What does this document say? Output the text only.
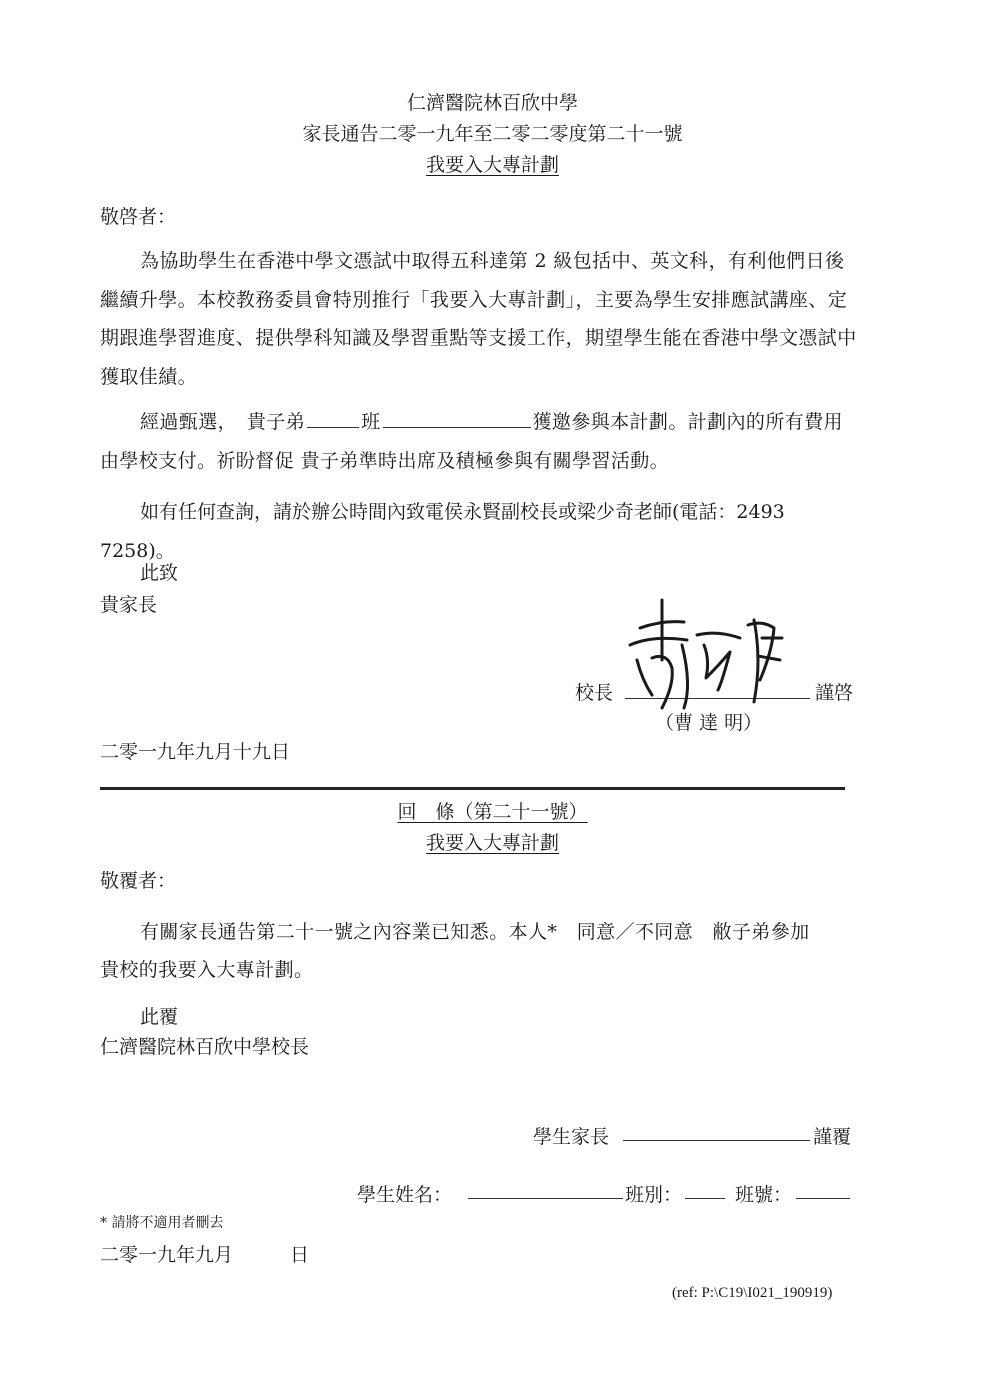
仁濟醫院林百欣中學
家長通告二零一九年至二零二零度第二十一號
我要入大專計劃
敬啓者：
為協助學生在香港中學文憑試中取得五科達第 2 級包括中、英文科，有利他們日後繼續升學。本校教務委員會特別推行「我要入大專計劃」，主要為學生安排應試講座、定期跟進學習進度、提供學科知識及學習重點等支援工作，期望學生能在香港中學文憑試中獲取佳績。
經過甄選，　貴子弟	班	獲邀參與本計劃。計劃內的所有費用由學校支付。祈盼督促 貴子弟準時出席及積極參與有關學習活動。
如有任何查詢，請於辦公時間內致電侯永賢副校長或梁少奇老師(電話：2493 7258)。
此致
貴家長
校長	謹啓
（曹 達 明）
二零一九年九月十九日
回　條（第二十一號）
我要入大專計劃
敬覆者：
有關家長通告第二十一號之內容業已知悉。本人*　同意／不同意　敝子弟參加
貴校的我要入大專計劃。
此覆
仁濟醫院林百欣中學校長
學生家長	謹覆
學生姓名：	班別：	班號：
* 請將不適用者刪去
二零一九年九月　　　日
(ref: P:\C19\I021_190919)
